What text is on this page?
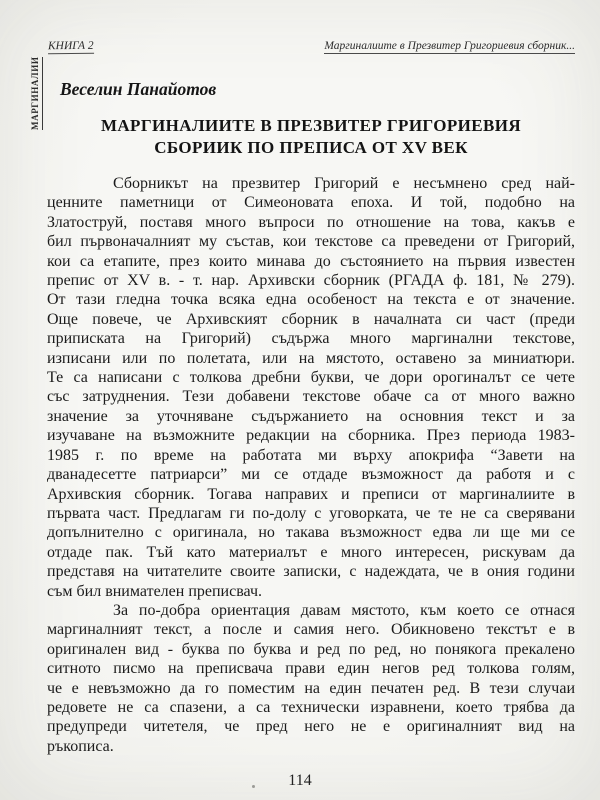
КНИГА 2	Маргиналиите в Презвитер Григориевия сборник...
МАРГИНАЛИИ Веселин Панайотов
МАРГИНАЛИИТЕ В ПРЕЗВИТЕР ГРИГОРИЕВИЯ
СБОРИИК ПО ПРЕПИСА ОТ XV ВЕК
Сборникът на презвитер Григорий е несъмнено сред най-
ценните паметници от Симеоновата епоха. И той, подобно на
Златоструй, поставя много въпроси по отношение на това, какъв е
бил първоначалният му състав, кои текстове са преведени от Григорий,
кои са етапите, през които минава до състоянието на първия известен
препис от XV в. - т. нар. Архивски сборник (РГАДА ф. 181, № 279).
От тази гледна точка всяка една особеност на текста е от значение.
Още повече, че Архивският сборник в началната си част (преди
приписката на Григорий) съдържа много маргинални текстове,
изписани или по полетата, или на мястото, оставено за миниатюри.
Те са написани с толкова дребни букви, че дори орогиналът се чете
със затруднения. Тези добавени текстове обаче са от много важно
значение за уточняване съдържанието на основния текст и за
изучаване на възможните редакции на сборника. През периода 1983-
1985 г. по време на работата ми върху апокрифа “Завети на
дванадесетте патриарси” ми се отдаде възможност да работя и с
Архивския сборник. Тогава направих и преписи от маргиналиите в
първата част. Предлагам ги по-долу с уговорката, че те не са сверявани
допълнително с оригинала, но такава възможност едва ли ще ми се
отдаде пак. Тъй като материалът е много интересен, рискувам да
представя на читателите своите записки, с надеждата, че в ония години
съм бил внимателен преписвач.
За по-добра ориентация давам мястото, към което се отнася
маргиналният текст, а после и самия него. Обикновено текстът е в
оригинален вид - буква по буква и ред по ред, но понякога прекалено
ситното писмо на преписвача прави един негов ред толкова голям,
че е невъзможно да го поместим на един печатен ред. В тези случаи
редовете не са спазени, а са технически изравнени, което трябва да
предупреди читетеля, че пред него не е оригиналният вид на
ръкописа.
114
